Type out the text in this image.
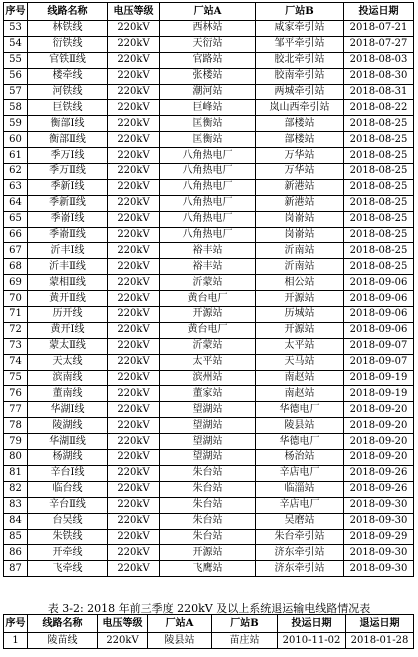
序号	线路名称	电压等级	厂站A	厂站B	投运日期
53	林铁线	220kV	西林站	咸家牵引站	2018-07-21
54	衍铁线	220kV	天衍站	邹平牵引站	2018-07-27
55	官铁Ⅱ线	220kV	官路站	胶北牵引站	2018-08-03
56	楼牵线	220kV	张楼站	胶南牵引站	2018-08-30
57	河铁线	220kV	潮河站	两城牵引站	2018-08-31
58	巨铁线	220kV	巨峰站	岚山西牵引站	2018-08-22
59	衡部Ⅰ线	220kV	匡衡站	部楼站	2018-08-25
60	衡部Ⅱ线	220kV	匡衡站	部楼站	2018-08-25
61	季万Ⅰ线	220kV	八角热电厂	万华站	2018-08-25
62	季万Ⅱ线	220kV	八角热电厂	万华站	2018-08-25
63	季新Ⅰ线	220kV	八角热电厂	新港站	2018-08-25
64	季新Ⅱ线	220kV	八角热电厂	新港站	2018-08-25
65	季嵛Ⅰ线	220kV	八角热电厂	岗嵛站	2018-08-25
66	季嵛Ⅱ线	220kV	八角热电厂	岗嵛站	2018-08-25
67	沂丰Ⅰ线	220kV	裕丰站	沂南站	2018-08-25
68	沂丰Ⅱ线	220kV	裕丰站	沂南站	2018-08-25
69	蒙相Ⅱ线	220kV	沂蒙站	相公站	2018-09-06
70	黄开Ⅱ线	220kV	黄台电厂	开源站	2018-09-06
71	历开线	220kV	开源站	历城站	2018-09-06
72	黄开Ⅰ线	220kV	黄台电厂	开源站	2018-09-06
73	蒙太Ⅱ线	220kV	沂蒙站	太平站	2018-09-07
74	天太线	220kV	太平站	天马站	2018-09-07
75	滨南线	220kV	滨州站	南赵站	2018-09-19
76	董南线	220kV	董家站	南赵站	2018-09-19
77	华湖Ⅰ线	220kV	望湖站	华德电厂	2018-09-20
78	陵湖线	220kV	望湖站	陵县站	2018-09-20
79	华湖Ⅱ线	220kV	望湖站	华德电厂	2018-09-20
80	杨湖线	220kV	望湖站	杨治站	2018-09-20
81	辛台Ⅰ线	220kV	朱台站	辛店电厂	2018-09-26
82	临台线	220kV	朱台站	临淄站	2018-09-26
83	辛台Ⅱ线	220kV	朱台站	辛店电厂	2018-09-30
84	台吴线	220kV	朱台站	吴磨站	2018-09-30
85	朱铁线	220kV	朱台站	朱台牵引站	2018-09-29
86	开牵线	220kV	开源站	济东牵引站	2018-09-30
87	飞牵线	220kV	飞鹰站	济东牵引站	2018-09-30
表 3-2: 2018 年前三季度 220kV 及以上系统退运输电线路情况表
序号	线路名称	电压等级	厂站A	厂站B	投运日期	退运日期
1	陵苗线	220kV	陵县站	苗庄站	2010-11-02	2018-01-28
